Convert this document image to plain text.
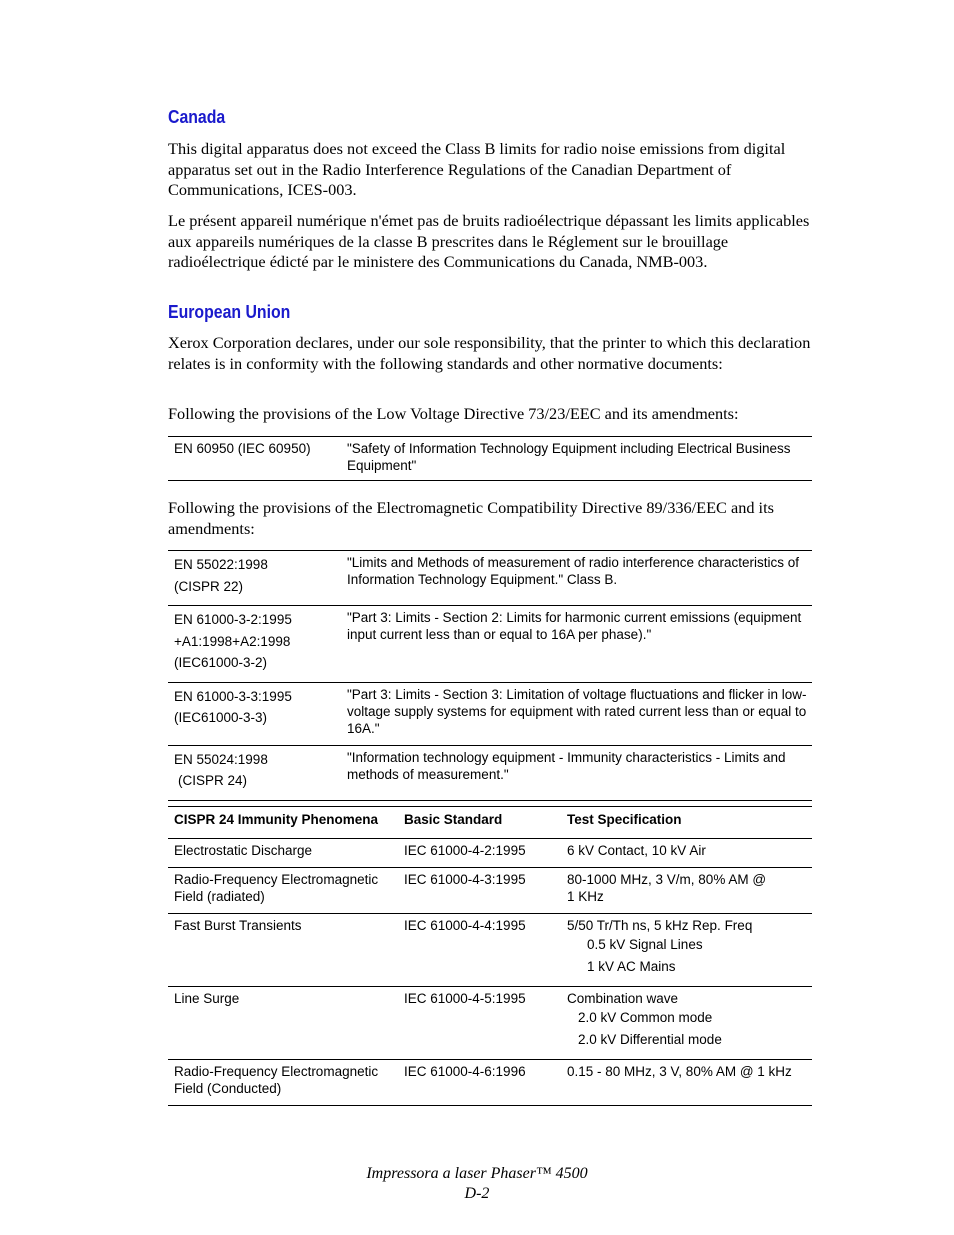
Canada

This digital apparatus does not exceed the Class B limits for radio noise emissions from digital apparatus set out in the Radio Interference Regulations of the Canadian Department of Communications, ICES-003.

Le présent appareil numérique n'émet pas de bruits radioélectrique dépassant les limits applicables aux appareils numériques de la classe B prescrites dans le Réglement sur le brouillage radioélectrique édicté par le ministere des Communications du Canada, NMB-003.

European Union

Xerox Corporation declares, under our sole responsibility, that the printer to which this declaration relates is in conformity with the following standards and other normative documents:

Following the provisions of the Low Voltage Directive 73/23/EEC and its amendments:

EN 60950 (IEC 60950)	"Safety of Information Technology Equipment including Electrical Business Equipment"

Following the provisions of the Electromagnetic Compatibility Directive 89/336/EEC and its amendments:

EN 55022:1998
(CISPR 22)	"Limits and Methods of measurement of radio interference characteristics of Information Technology Equipment." Class B.

EN 61000-3-2:1995
+A1:1998+A2:1998
(IEC61000-3-2)	"Part 3: Limits - Section 2: Limits for harmonic current emissions (equipment input current less than or equal to 16A per phase)."

EN 61000-3-3:1995
(IEC61000-3-3)	"Part 3: Limits - Section 3: Limitation of voltage fluctuations and flicker in low-voltage supply systems for equipment with rated current less than or equal to 16A."

EN 55024:1998
(CISPR 24)	"Information technology equipment - Immunity characteristics - Limits and methods of measurement."
CISPR 24 Immunity Phenomena	Basic Standard	Test Specification
Electrostatic Discharge	IEC 61000-4-2:1995	6 kV Contact, 10 kV Air
Radio-Frequency Electromagnetic Field (radiated)	IEC 61000-4-3:1995	80-1000 MHz, 3 V/m, 80% AM @ 1 KHz
Fast Burst Transients	IEC 61000-4-4:1995	5/50 Tr/Th ns, 5 kHz Rep. Freq
0.5 kV Signal Lines
1 kV AC Mains

Line Surge	IEC 61000-4-5:1995	Combination wave
2.0 kV Common mode
2.0 kV Differential mode

Radio-Frequency Electromagnetic Field (Conducted)	IEC 61000-4-6:1996	0.15 - 80 MHz, 3 V, 80% AM @ 1 kHz
Impressora a laser Phaser™ 4500
D-2
